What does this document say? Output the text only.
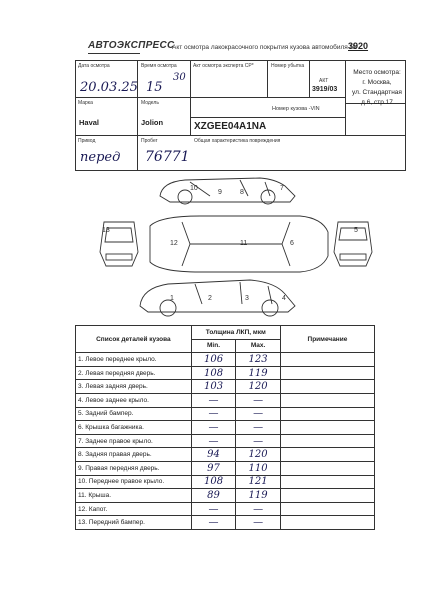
АВТОЭКСПРЕСС
Акт осмотра лакокрасочного покрытия кузова автомобиля №
3920
Дата осмотра
20.03.25
Время осмотра
15
30
Акт осмотра эксперта СР*	Номер убытка
АКТ
3919/03
Место осмотра:
г. Москва,
ул. Стандартная
д.6, стр.17
Марка
Haval
Модель
Jolion
Номер кузова -VIN
XZGEE04A1NA
Привод
перед
Пробег
76771
Общая характеристика повреждения
9	8
10	7
13
12	11	6
5
1	2	3	4
Список деталей кузова	Толщина ЛКП, мкм		Примечание
	Min.	Max.	
1. Левое переднее крыло.	106	123	
2. Левая передняя дверь.	108	119	
3. Левая задняя дверь.	103	120	
4. Левое заднее крыло.	—	—	
5. Задний бампер.	—	—	
6. Крышка багажника.	—	—	
7. Заднее правое крыло.	—	—	
8. Задняя правая дверь.	94	120	
9. Правая передняя дверь.	97	110	
10. Переднее правое крыло.	108	121	
11. Крыша.	89	119	
12. Капот.	—	—	
13. Передний бампер.	—	—	
